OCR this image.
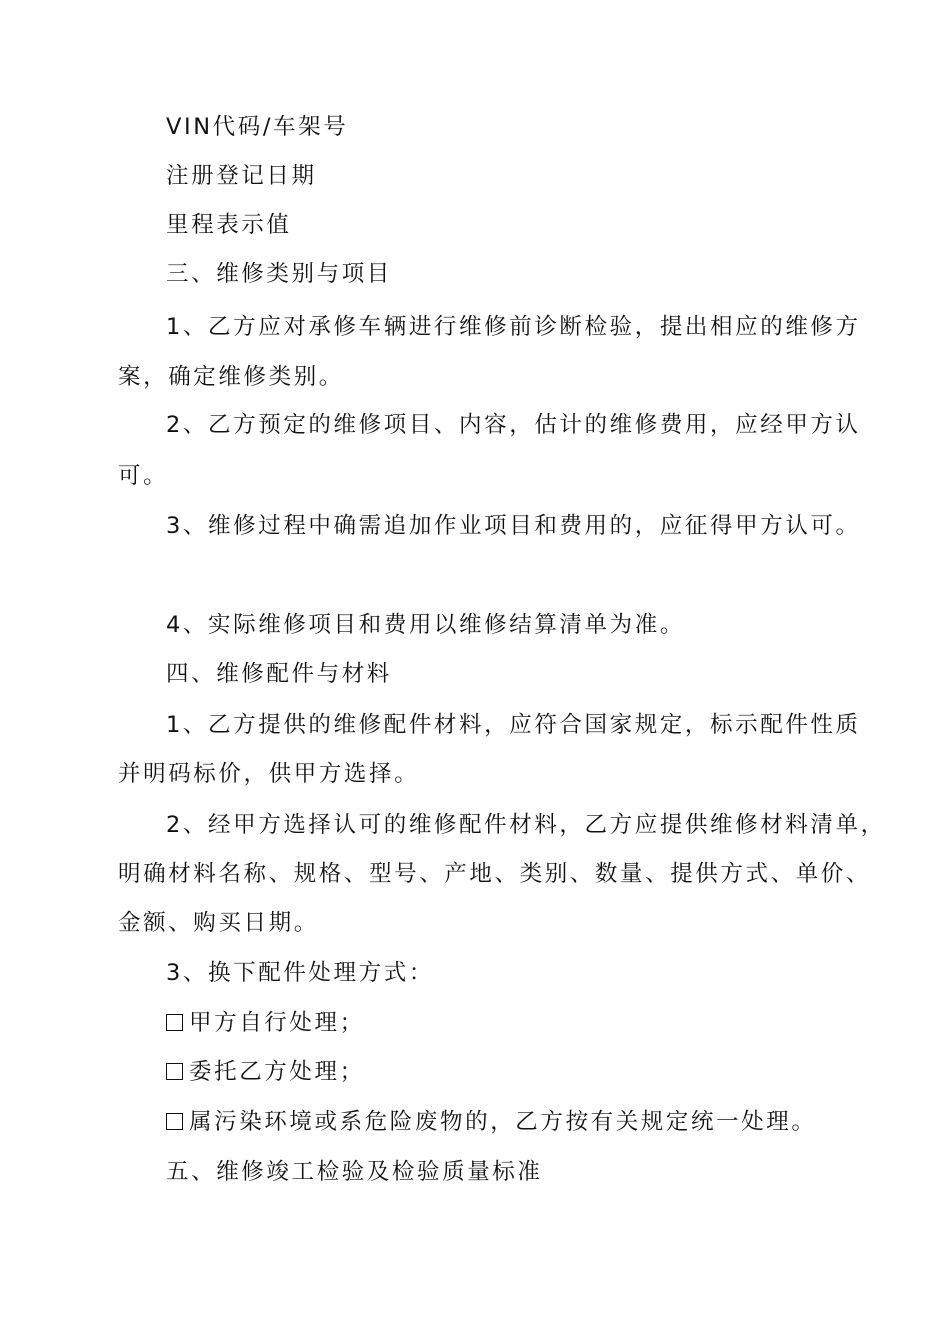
VIN代码/车架号
注册登记日期
里程表示值
三、维修类别与项目
1、乙方应对承修车辆进行维修前诊断检验，提出相应的维修方
案，确定维修类别。
2、乙方预定的维修项目、内容，估计的维修费用，应经甲方认
可。
3、维修过程中确需追加作业项目和费用的，应征得甲方认可。
4、实际维修项目和费用以维修结算清单为准。
四、维修配件与材料
1、乙方提供的维修配件材料，应符合国家规定，标示配件性质
并明码标价，供甲方选择。
2、经甲方选择认可的维修配件材料，乙方应提供维修材料清单，
明确材料名称、规格、型号、产地、类别、数量、提供方式、单价、
金额、购买日期。
3、换下配件处理方式：
甲方自行处理；
委托乙方处理；
属污染环境或系危险废物的，乙方按有关规定统一处理。
五、维修竣工检验及检验质量标准
